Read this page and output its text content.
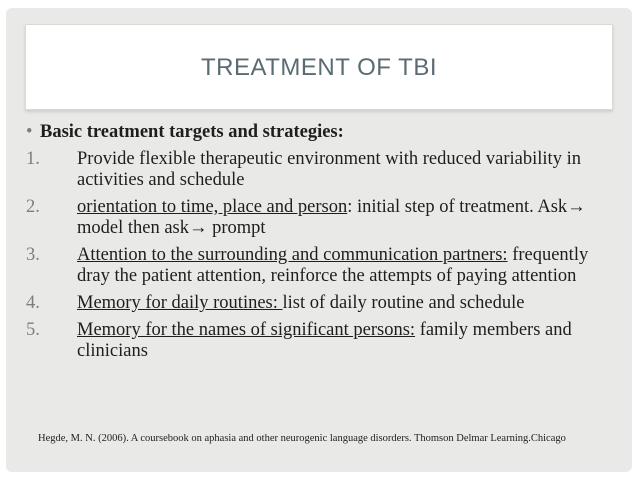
TREATMENT OF TBI
• Basic treatment targets and strategies:
1.	Provide flexible therapeutic environment with reduced variability in activities and schedule
2.	orientation to time, place and person: initial step of treatment. Ask→ model then ask→ prompt
3.	Attention to the surrounding and communication partners: frequently dray the patient attention, reinforce the attempts of paying attention
4.	Memory for daily routines: list of daily routine and schedule
5.	Memory for the names of significant persons: family members and clinicians
Hegde, M. N. (2006). A coursebook on aphasia and other neurogenic language disorders. Thomson Delmar Learning.Chicago
